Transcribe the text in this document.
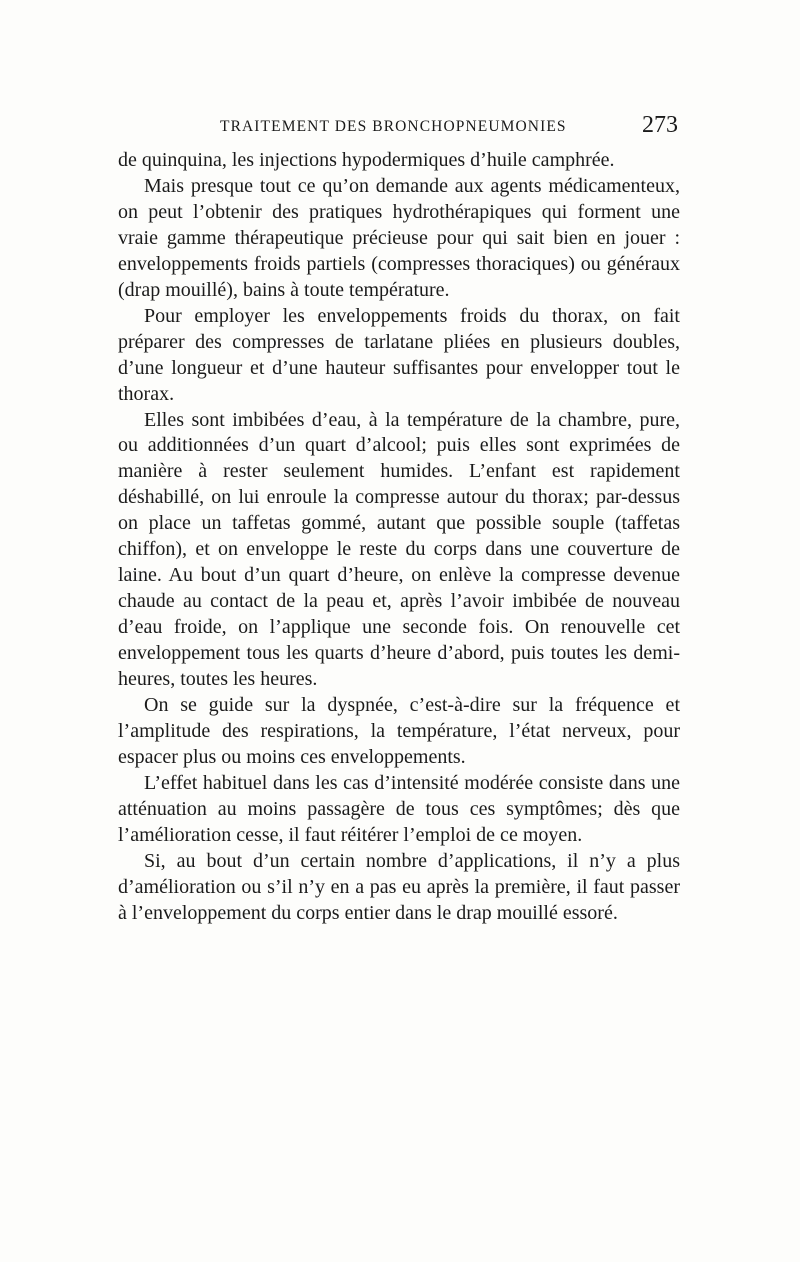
TRAITEMENT DES BRONCHOPNEUMONIES	273

de quinquina, les injections hypodermiques d’huile camphrée.

Mais presque tout ce qu’on demande aux agents médicamenteux, on peut l’obtenir des pratiques hydrothérapiques qui forment une vraie gamme thérapeutique précieuse pour qui sait bien en jouer : enveloppements froids partiels (compresses thoraciques) ou généraux (drap mouillé), bains à toute température.

Pour employer les enveloppements froids du thorax, on fait préparer des compresses de tarlatane pliées en plusieurs doubles, d’une longueur et d’une hauteur suffisantes pour envelopper tout le thorax.

Elles sont imbibées d’eau, à la température de la chambre, pure, ou additionnées d’un quart d’alcool; puis elles sont exprimées de manière à rester seulement humides. L’enfant est rapidement déshabillé, on lui enroule la compresse autour du thorax; par-dessus on place un taffetas gommé, autant que possible souple (taffetas chiffon), et on enveloppe le reste du corps dans une couverture de laine. Au bout d’un quart d’heure, on enlève la compresse devenue chaude au contact de la peau et, après l’avoir imbibée de nouveau d’eau froide, on l’applique une seconde fois. On renouvelle cet enveloppement tous les quarts d’heure d’abord, puis toutes les demi-heures, toutes les heures.

On se guide sur la dyspnée, c’est-à-dire sur la fréquence et l’amplitude des respirations, la température, l’état nerveux, pour espacer plus ou moins ces enveloppements.

L’effet habituel dans les cas d’intensité modérée consiste dans une atténuation au moins passagère de tous ces symptômes; dès que l’amélioration cesse, il faut réitérer l’emploi de ce moyen.

Si, au bout d’un certain nombre d’applications, il n’y a plus d’amélioration ou s’il n’y en a pas eu après la première, il faut passer à l’enveloppement du corps entier dans le drap mouillé essoré.
